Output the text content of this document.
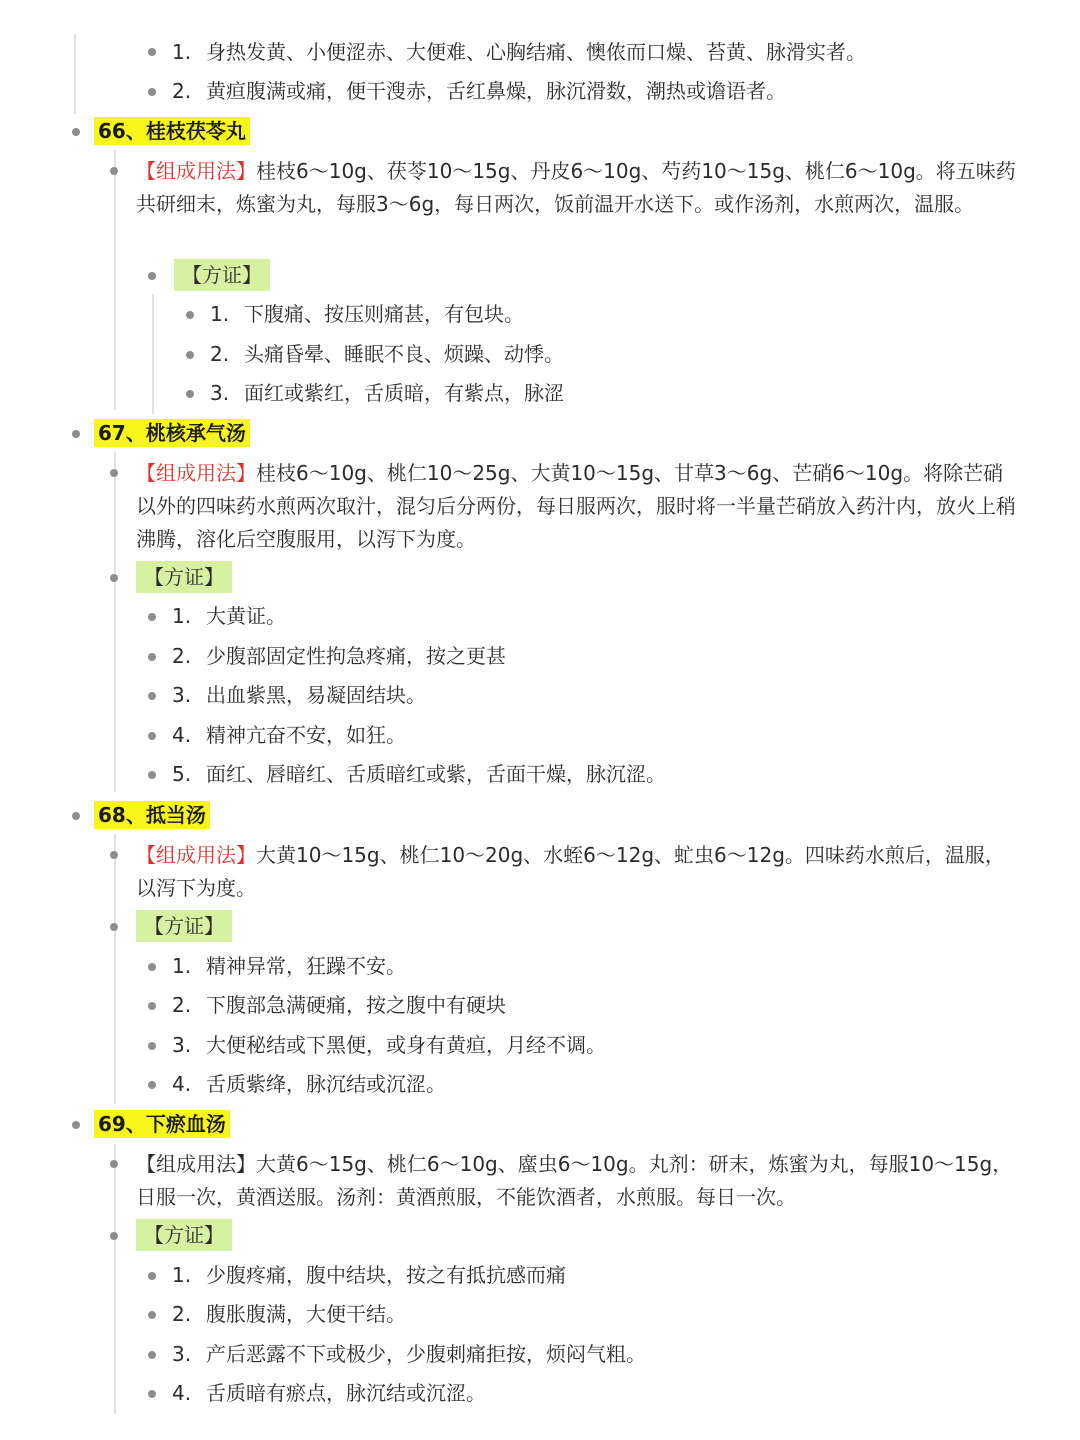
1. 身热发黄、小便涩赤、大便难、心胸结痛、懊侬而口燥、苔黄、脉滑实者。
2. 黄疸腹满或痛，便干溲赤，舌红鼻燥，脉沉滑数，潮热或谵语者。
66、桂枝茯苓丸
【组成用法】桂枝6～10g、茯苓10～15g、丹皮6～10g、芍药10～15g、桃仁6～10g。将五味药共研细末，炼蜜为丸，每服3～6g，每日两次，饭前温开水送下。或作汤剂，水煎两次，温服。
【方证】
1. 下腹痛、按压则痛甚，有包块。
2. 头痛昏晕、睡眠不良、烦躁、动悸。
3. 面红或紫红，舌质暗，有紫点，脉涩
67、桃核承气汤
【组成用法】桂枝6～10g、桃仁10～25g、大黄10～15g、甘草3～6g、芒硝6～10g。将除芒硝以外的四味药水煎两次取汁，混匀后分两份，每日服两次，服时将一半量芒硝放入药汁内，放火上稍沸腾，溶化后空腹服用，以泻下为度。
【方证】
1. 大黄证。
2. 少腹部固定性拘急疼痛，按之更甚
3. 出血紫黑，易凝固结块。
4. 精神亢奋不安，如狂。
5. 面红、唇暗红、舌质暗红或紫，舌面干燥，脉沉涩。
68、抵当汤
【组成用法】大黄10～15g、桃仁10～20g、水蛭6～12g、虻虫6～12g。四味药水煎后，温服，以泻下为度。
【方证】
1. 精神异常，狂躁不安。
2. 下腹部急满硬痛，按之腹中有硬块
3. 大便秘结或下黑便，或身有黄疸，月经不调。
4. 舌质紫绛，脉沉结或沉涩。
69、下瘀血汤
【组成用法】大黄6～15g、桃仁6～10g、䗪虫6～10g。丸剂：研末，炼蜜为丸，每服10～15g，日服一次，黄酒送服。汤剂：黄酒煎服，不能饮酒者，水煎服。每日一次。
【方证】
1. 少腹疼痛，腹中结块，按之有抵抗感而痛
2. 腹胀腹满，大便干结。
3. 产后恶露不下或极少，少腹刺痛拒按，烦闷气粗。
4. 舌质暗有瘀点，脉沉结或沉涩。
